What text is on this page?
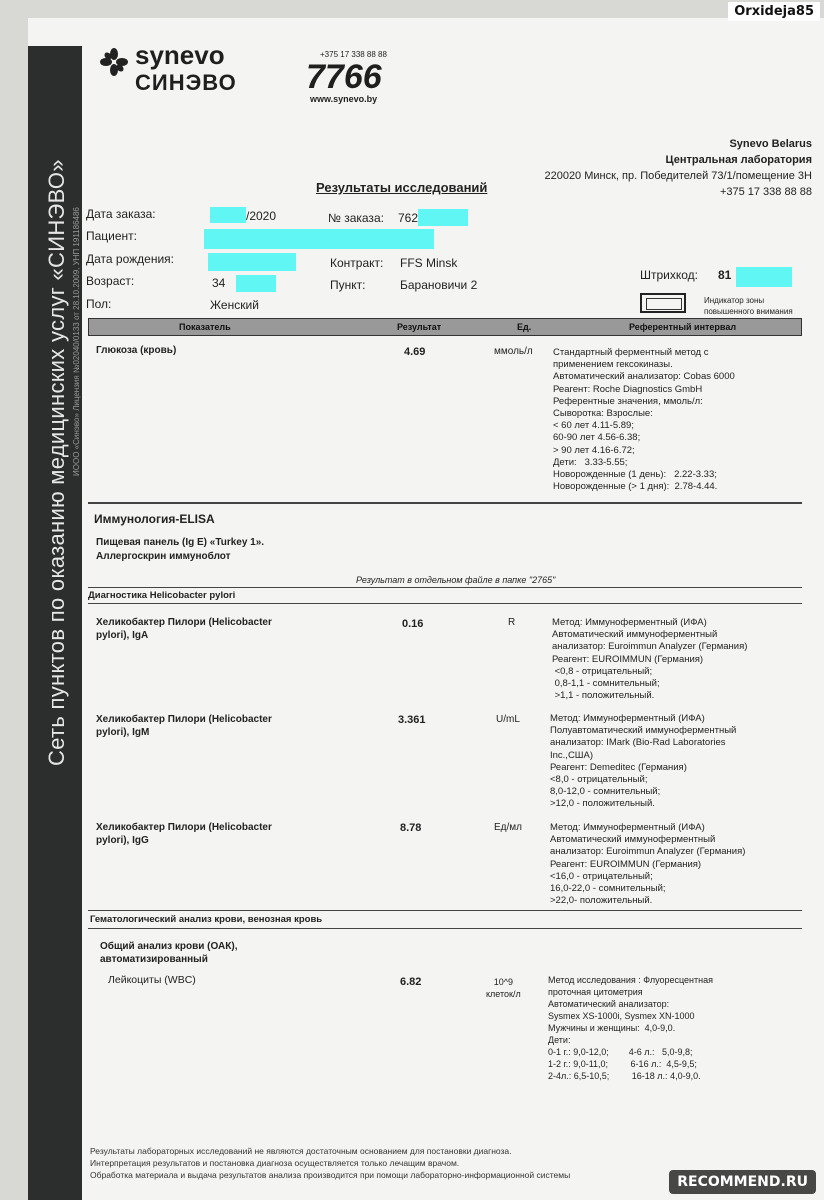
Сеть пунктов по оказанию медицинских услуг «СИНЭВО» ИООО «Синэво» Лицензия №02040/0133 от 28.10.2009, УНП 191186486
synevo
СИНЭВО
+375 17 338 88 88
7766
www.synevo.by
Synevo Belarus
Центральная лаборатория
220020 Минск, пр. Победителей 73/1/помещение 3Н
+375 17 338 88 88
Результаты исследований
Дата заказа:	/2020	№ заказа: 762
Пациент:
Дата рождения:	Контракт: FFS Minsk
Возраст:	34	Пункт:	Барановичи 2
Штрихкод: 81
Пол:	Женский	Индикатор зоны повышенного внимания
Показатель	Результат	Ед.	Референтный интервал
Глюкоза (кровь)	4.69	ммоль/л Стандартный ферментный метод с
применением гексокиназы.
Автоматический анализатор: Cobas 6000
Реагент: Roche Diagnostics GmbH
Референтные значения, ммоль/л:
Сыворотка: Взрослые:
< 60 лет 4.11-5.89;
60-90 лет 4.56-6.38;
> 90 лет 4.16-6.72;
Дети:   3.33-5.55;
Новорожденные (1 день):   2.22-3.33;
Новорожденные (> 1 дня):  2.78-4.44.
Иммунология-ELISA
Пищевая панель (Ig E) «Turkey 1».
Аллергоскрин иммуноблот
Результат в отдельном файле в папке "2765"
Диагностика Helicobacter pylori
Хеликобактер Пилори (Helicobacter
pylori), IgA
0.16	R	Метод: Иммуноферментный (ИФА)
Автоматический иммуноферментный
анализатор: Euroimmun Analyzer (Германия)
Реагент: EUROIMMUN (Германия)
<0,8 - отрицательный;
0,8-1,1 - сомнительный;
>1,1 - положительный.
Хеликобактер Пилори (Helicobacter
pylori), IgM
3.361	U/mL	Метод: Иммуноферментный (ИФА)
Полуавтоматический иммуноферментный
анализатор: IMark (Bio-Rad Laboratories
Inc.,США)
Реагент: Demeditec (Германия)
<8,0 - отрицательный;
8,0-12,0 - сомнительный;
>12,0 - положительный.
Хеликобактер Пилори (Helicobacter
pylori), IgG
8.78	Ед/мл	Метод: Иммуноферментный (ИФА)
Автоматический иммуноферментный
анализатор: Euroimmun Analyzer (Германия)
Реагент: EUROIMMUN (Германия)
<16,0 - отрицательный;
16,0-22,0 - сомнительный;
>22,0- положительный.
Гематологический анализ крови, венозная кровь
Общий анализ крови (ОАК),
автоматизированный
Лейкоциты (WBC)	6.82	10^9
клеток/л
Метод исследования : Флуоресцентная
проточная цитометрия
Автоматический анализатор:
Sysmex XS-1000i, Sysmex XN-1000
Мужчины и женщины:  4,0-9,0.
Дети:
0-1 г.: 9,0-12,0;        4-6 л.:   5,0-9,8;
1-2 г.: 9,0-11,0;         6-16 л.:  4,5-9,5;
2-4л.: 6,5-10,5;         16-18 л.: 4,0-9,0.
Результаты лабораторных исследований не являются достаточным основанием для постановки диагноза.
Интерпретация результатов и постановка диагноза осуществляется только лечащим врачом.
Обработка материала и выдача результатов анализа производится при помощи лабораторно-информационной системы
Orxideja85
RECOMMEND.RU
